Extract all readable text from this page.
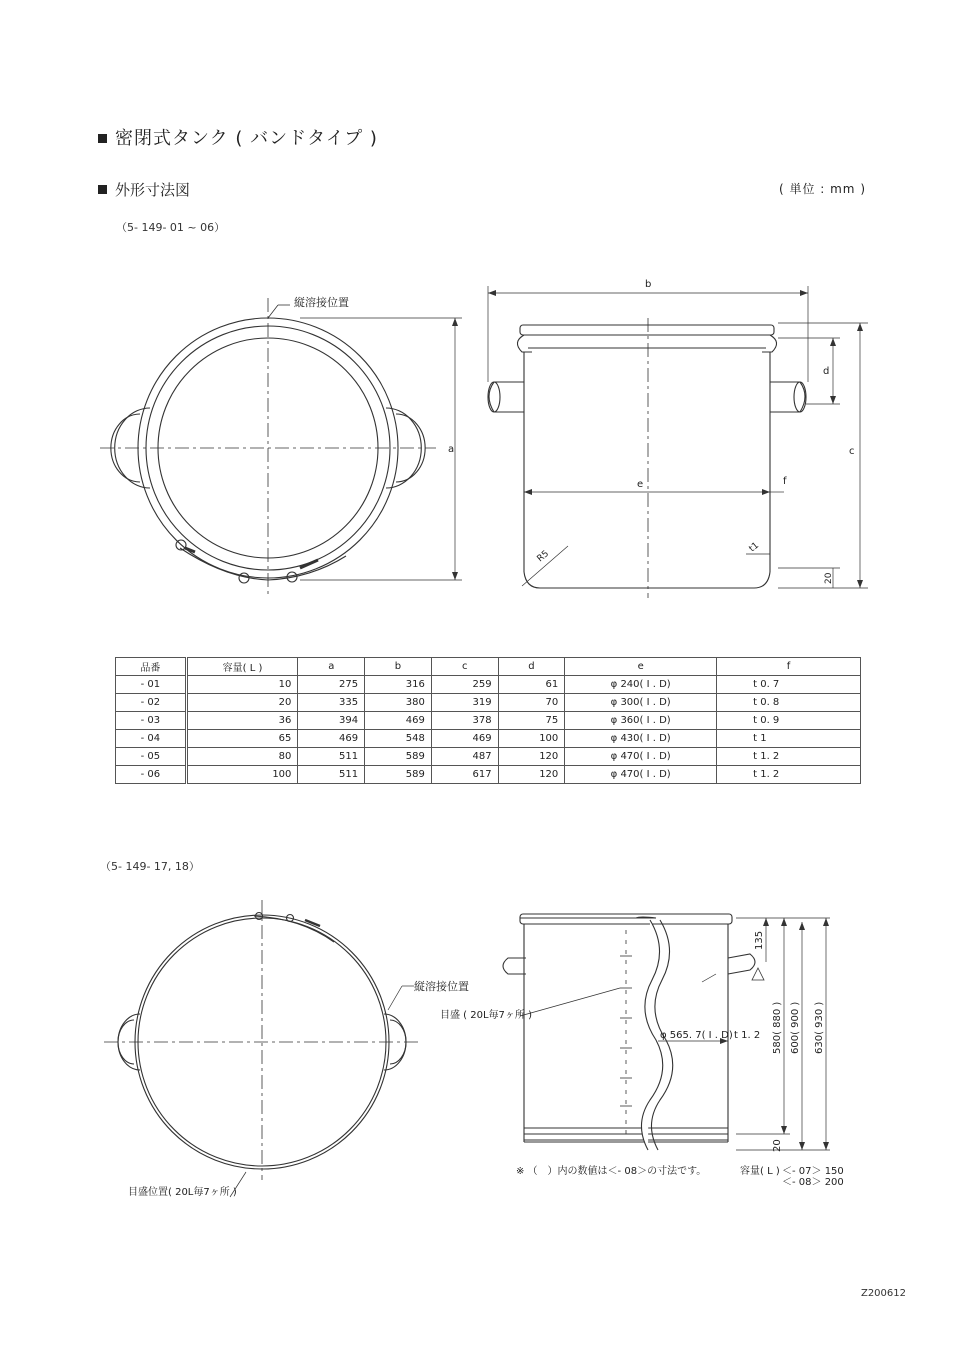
密閉式タンク ( バンドタイプ )
外形寸法図	( 単位 : mm )
（5- 149- 01 ~ 06）
縦溶接位置
a
b
c
d
e	f
R5
t1
20
品番	容量( L )	a	b	c	d	e	f
- 01	10	275	316	259	61	φ 240( I . D)	t 0. 7
- 02	20	335	380	319	70	φ 300( I . D)	t 0. 8
- 03	36	394	469	378	75	φ 360( I . D)	t 0. 9
- 04	65	469	548	469	100	φ 430( I . D)	t 1
- 05	80	511	589	487	120	φ 470( I . D)	t 1. 2
- 06	100	511	589	617	120	φ 470( I . D)	t 1. 2
（5- 149- 17, 18）
縦溶接位置
目盛 ( 20L毎7ヶ所 )
目盛位置( 20L毎7ヶ所 )
φ 565. 7( I . D) t 1. 2
135
580( 880 ) 600( 900 ) 630( 930 )
20
※ （　）内の数値は＜- 08＞の寸法です。	容量( L ) ＜- 07＞ 150
＜- 08＞ 200
Z200612
